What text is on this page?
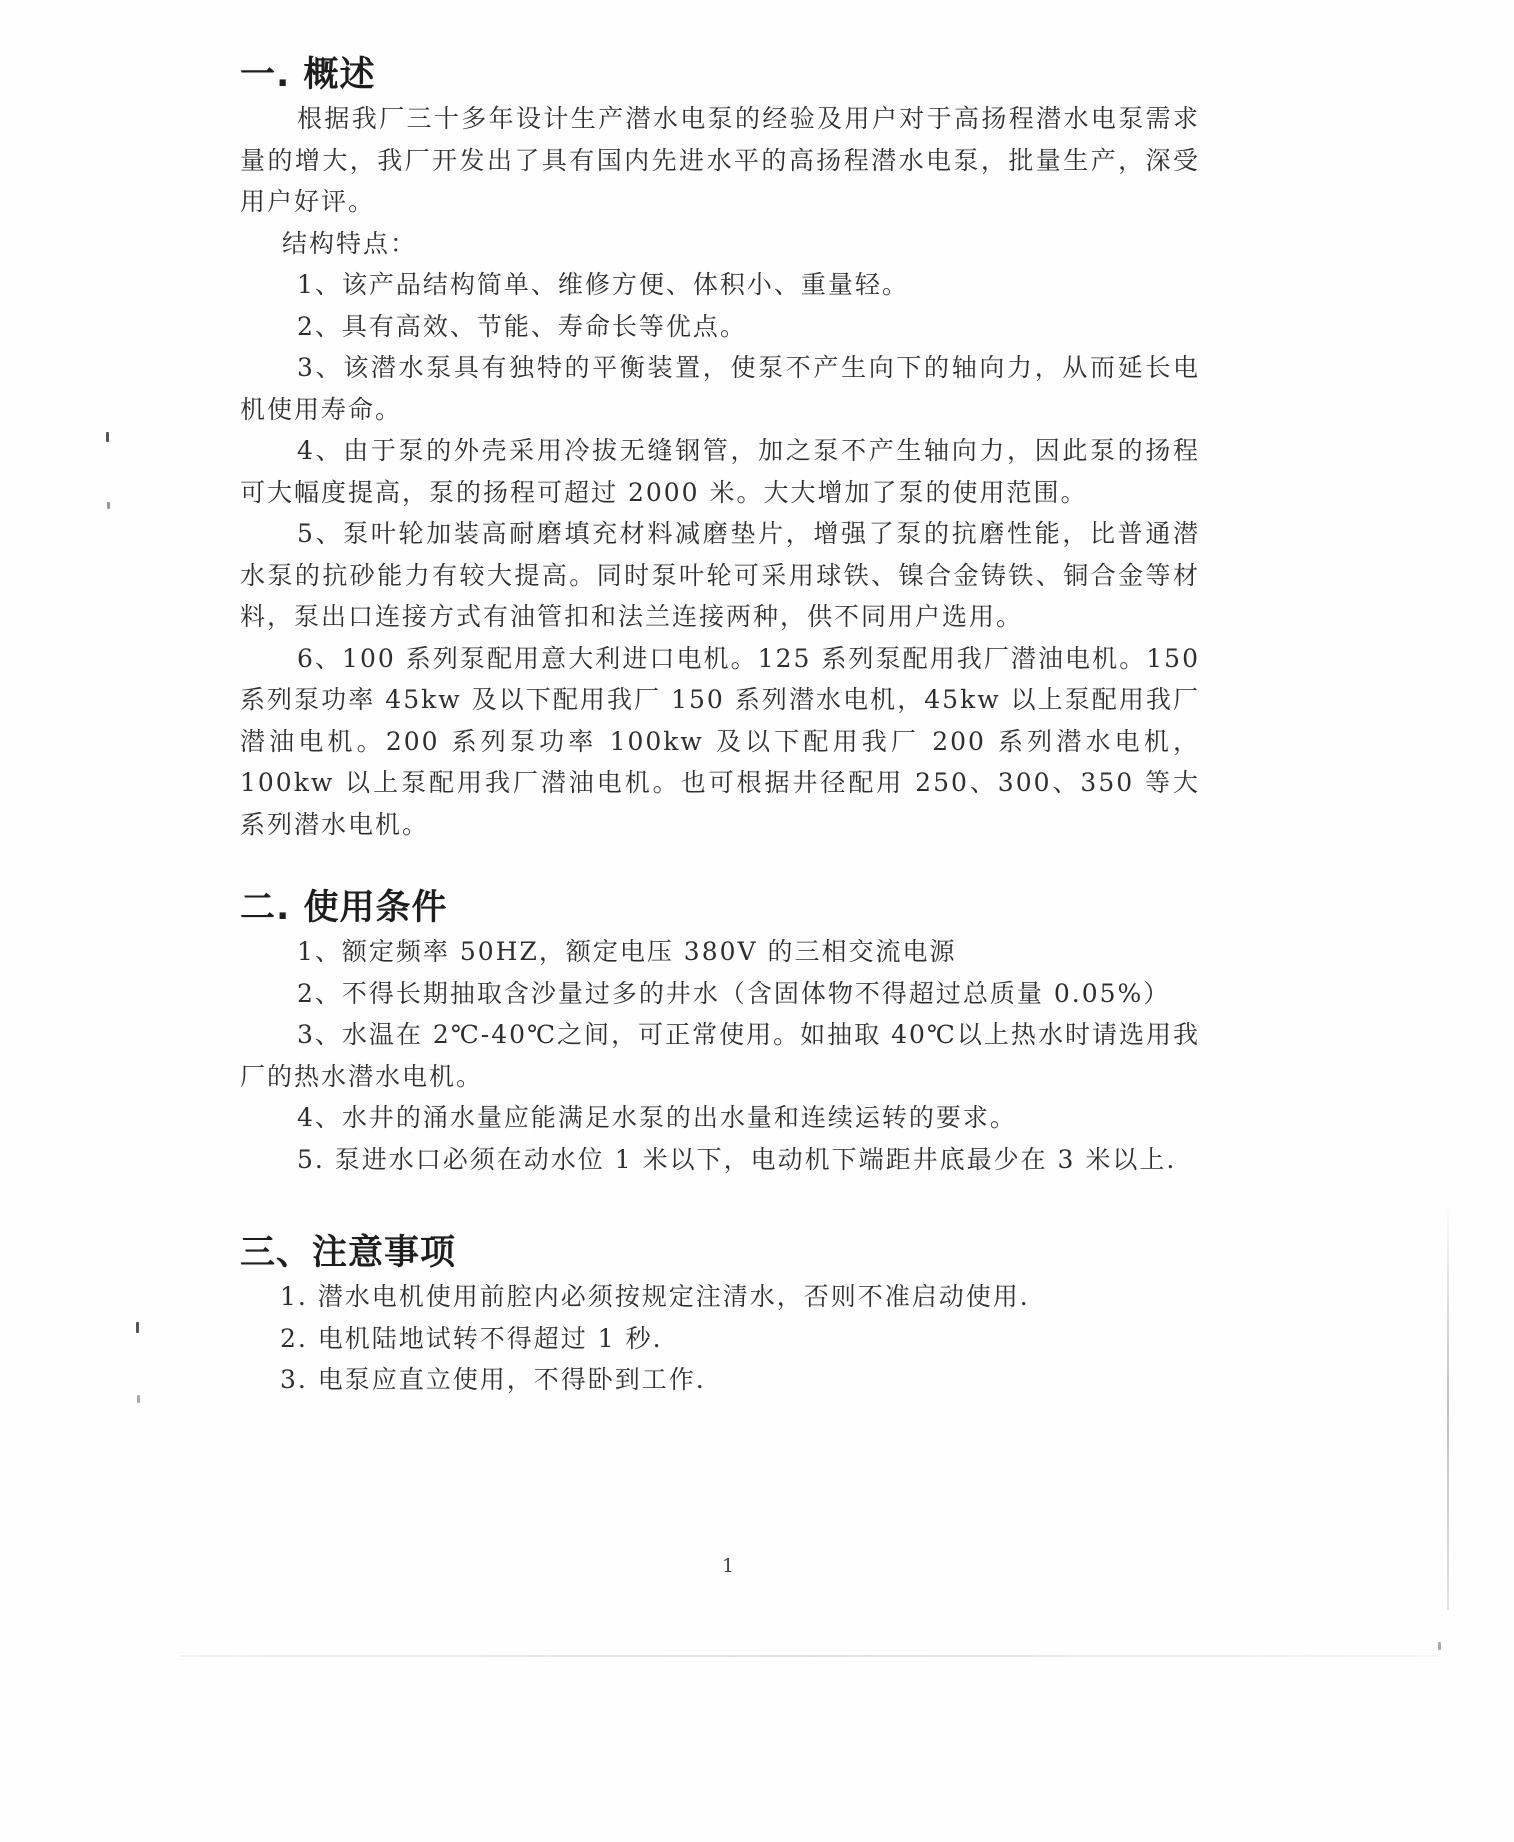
一. 概述

根据我厂三十多年设计生产潜水电泵的经验及用户对于高扬程潜水电泵需求量的增大，我厂开发出了具有国内先进水平的高扬程潜水电泵，批量生产，深受用户好评。

结构特点：

1、该产品结构简单、维修方便、体积小、重量轻。

2、具有高效、节能、寿命长等优点。

3、该潜水泵具有独特的平衡装置，使泵不产生向下的轴向力，从而延长电机使用寿命。

4、由于泵的外壳采用冷拔无缝钢管，加之泵不产生轴向力，因此泵的扬程可大幅度提高，泵的扬程可超过 2000 米。大大增加了泵的使用范围。

5、泵叶轮加装高耐磨填充材料减磨垫片，增强了泵的抗磨性能，比普通潜水泵的抗砂能力有较大提高。同时泵叶轮可采用球铁、镍合金铸铁、铜合金等材料，泵出口连接方式有油管扣和法兰连接两种，供不同用户选用。

6、100 系列泵配用意大利进口电机。125 系列泵配用我厂潜油电机。150 系列泵功率 45kw 及以下配用我厂 150 系列潜水电机，45kw 以上泵配用我厂潜油电机。200 系列泵功率 100kw 及以下配用我厂 200 系列潜水电机，100kw 以上泵配用我厂潜油电机。也可根据井径配用 250、300、350 等大系列潜水电机。

二. 使用条件

1、额定频率 50HZ，额定电压 380V 的三相交流电源

2、不得长期抽取含沙量过多的井水（含固体物不得超过总质量 0.05%）

3、水温在 2℃-40℃之间，可正常使用。如抽取 40℃以上热水时请选用我厂的热水潜水电机。

4、水井的涌水量应能满足水泵的出水量和连续运转的要求。

5. 泵进水口必须在动水位 1 米以下，电动机下端距井底最少在 3 米以上.

三、注意事项

1. 潜水电机使用前腔内必须按规定注清水，否则不准启动使用.

2. 电机陆地试转不得超过 1 秒.

3. 电泵应直立使用，不得卧到工作.

1
